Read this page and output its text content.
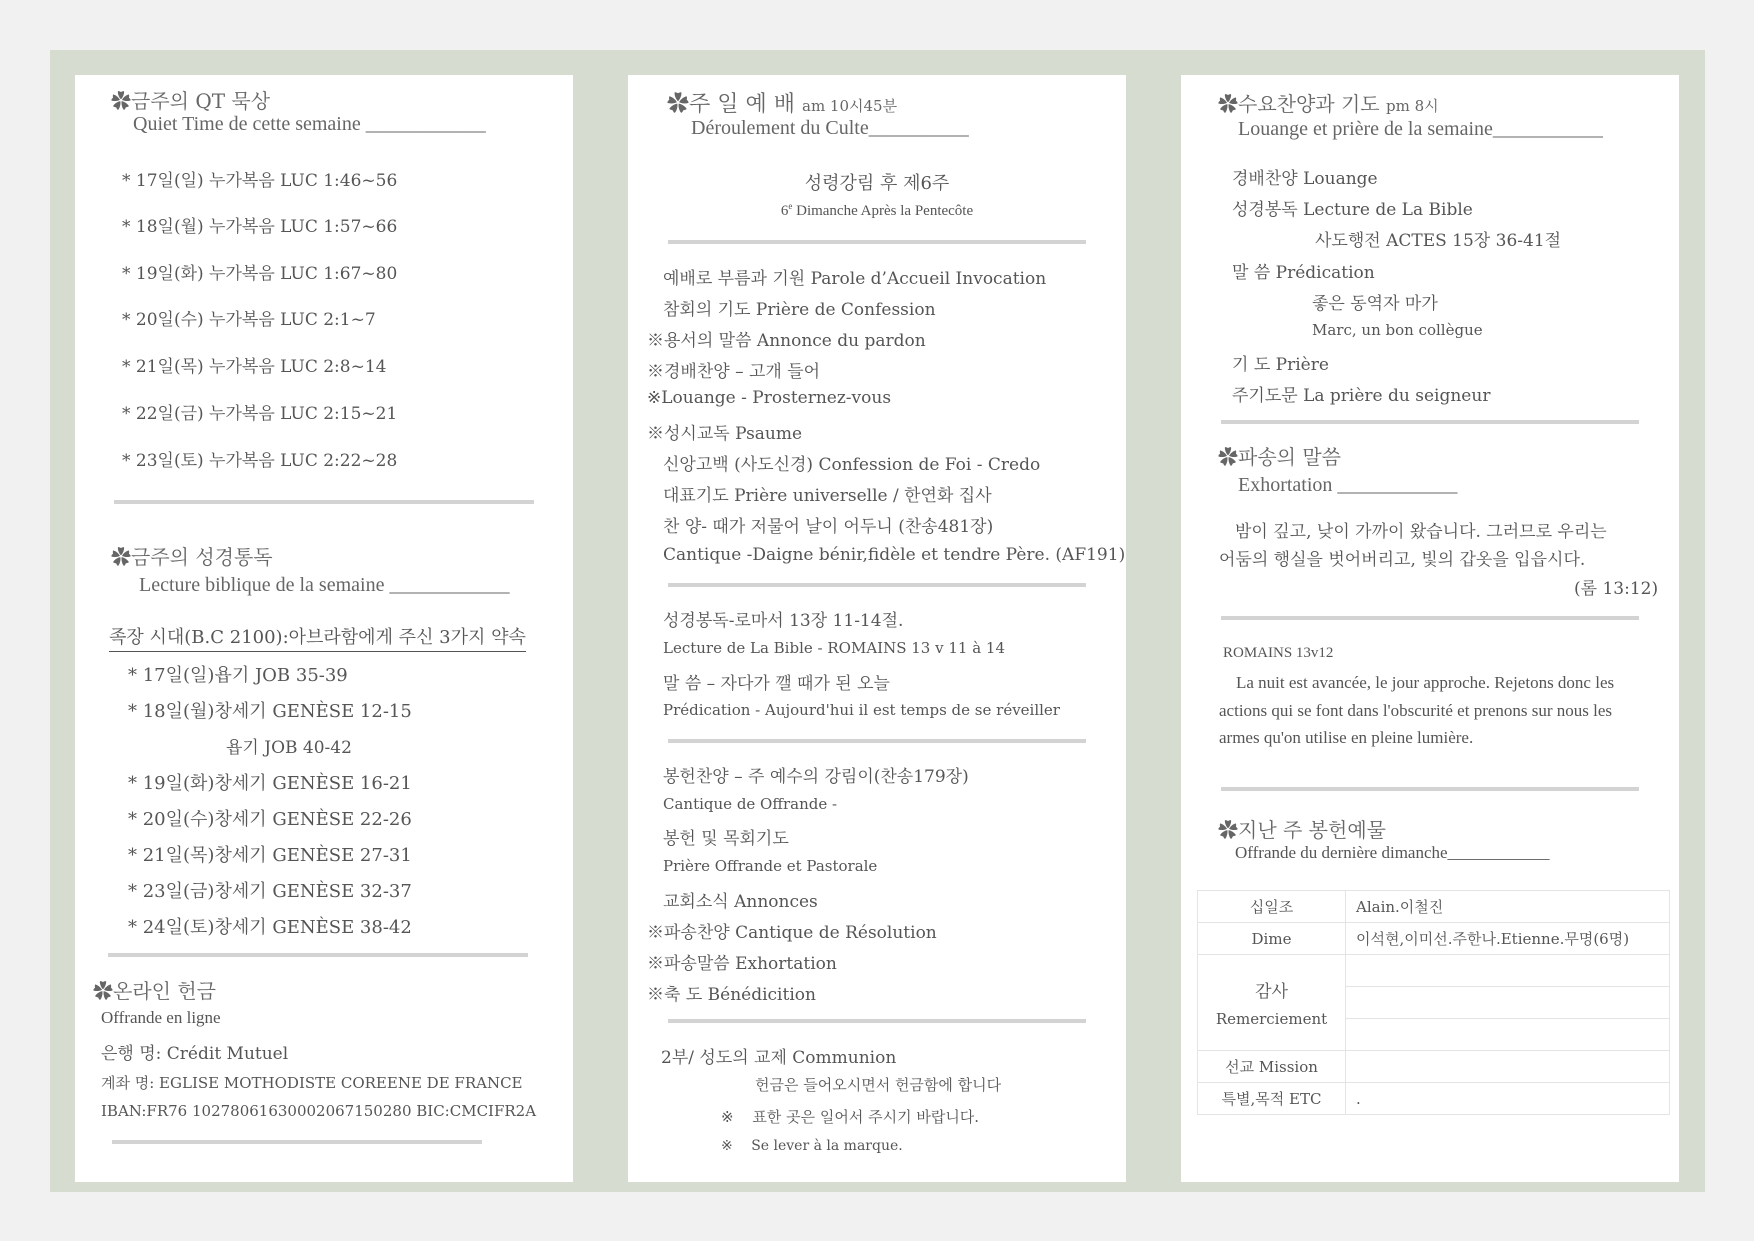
✿금주의 QT 묵상
Quiet Time de cette semaine ____________
* 17일(일) 누가복음 LUC 1:46~56
* 18일(월) 누가복음 LUC 1:57~66
* 19일(화) 누가복음 LUC 1:67~80
* 20일(수) 누가복음 LUC 2:1~7
* 21일(목) 누가복음 LUC 2:8~14
* 22일(금) 누가복음 LUC 2:15~21
* 23일(토) 누가복음 LUC 2:22~28
✿금주의 성경통독
Lecture biblique de la semaine ____________
족장 시대(B.C 2100):아브라함에게 주신 3가지 약속
* 17일(일)욥기 JOB 35-39
* 18일(월)창세기 GENÈSE 12-15
욥기 JOB 40-42
* 19일(화)창세기 GENÈSE 16-21
* 20일(수)창세기 GENÈSE 22-26
* 21일(목)창세기 GENÈSE 27-31
* 23일(금)창세기 GENÈSE 32-37
* 24일(토)창세기 GENÈSE 38-42
✿온라인 헌금
Offrande en ligne
은행 명: Crédit Mutuel
계좌 명: EGLISE MOTHODISTE COREENE DE FRANCE
IBAN:FR76 10278061630002067150280 BIC:CMCIFR2A
✿주 일 예 배 am 10시45분
Déroulement du Culte__________
성령강림 후 제6주
6e Dimanche Après la Pentecôte
예배로 부름과 기원 Parole d’Accueil Invocation
참회의 기도 Prière de Confession
※용서의 말씀 Annonce du pardon
※경배찬양 – 고개 들어
※Louange - Prosternez-vous
※성시교독 Psaume
신앙고백 (사도신경) Confession de Foi - Credo
대표기도 Prière universelle / 한연화 집사
찬 양- 때가 저물어 날이 어두니 (찬송481장)
Cantique -Daigne bénir,fidèle et tendre Père. (AF191)
성경봉독-로마서 13장 11-14절.
Lecture de La Bible - ROMAINS 13 v 11 à 14
말 씀 – 자다가 깰 때가 된 오늘
Prédication - Aujourd'hui il est temps de se réveiller
봉헌찬양 – 주 예수의 강림이(찬송179장)
Cantique de Offrande -
봉헌 및 목회기도
Prière Offrande et Pastorale
교회소식 Annonces
※파송찬양 Cantique de Résolution
※파송말씀 Exhortation
※축 도 Bénédicition
2부/ 성도의 교제 Communion
헌금은 들어오시면서 헌금함에 합니다
※ 표한 곳은 일어서 주시기 바랍니다.
※ Se lever à la marque.
✿수요찬양과 기도 pm 8시
Louange et prière de la semaine___________
경배찬양 Louange
성경봉독 Lecture de La Bible
사도행전 ACTES 15장 36-41절
말 씀 Prédication
좋은 동역자 마가
Marc, un bon collègue
기 도 Prière
주기도문 La prière du seigneur
✿파송의 말씀
Exhortation ____________
밤이 깊고, 낮이 가까이 왔습니다. 그러므로 우리는
어둠의 행실을 벗어버리고, 빛의 갑옷을 입읍시다.
(롬 13:12)
ROMAINS 13v12
La nuit est avancée, le jour approche. Rejetons donc les
actions qui se font dans l'obscurité et prenons sur nous les
armes qu'on utilise en pleine lumière.
✿지난 주 봉헌예물
Offrande du dernière dimanche____________
십일조	Alain.이철진
Dime	이석현,이미선.주한나.Etienne.무명(6명)

감사
Remerciement	

선교 Mission	
특별,목적 ETC	.
